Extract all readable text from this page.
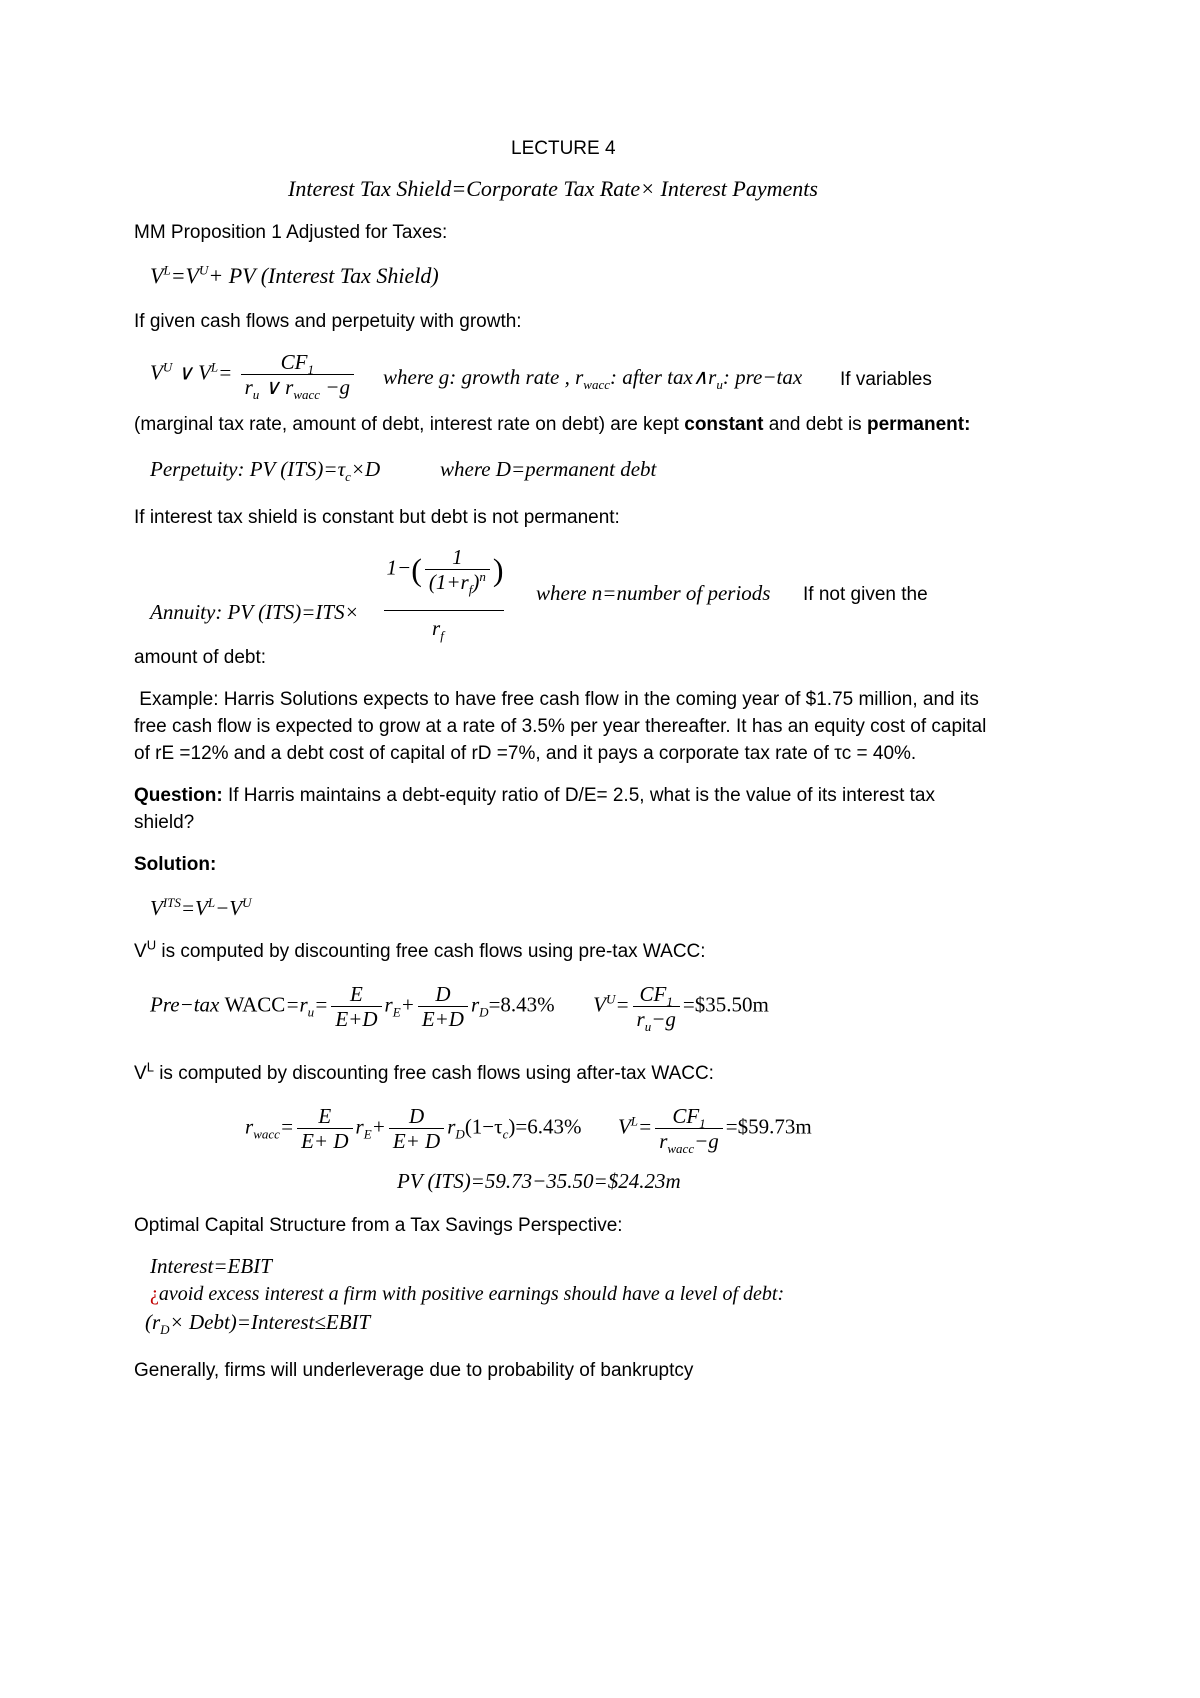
LECTURE 4
Interest Tax Shield=Corporate Tax Rate× Interest Payments
MM Proposition 1 Adjusted for Taxes:
$V^L=V^U+$ PV (Interest Tax Shield)
If given cash flows and perpetuity with growth:
$V^U$ ∨ $V^L= \frac{CF_1}{r_u \vee r_{wacc} -g}$ where g: growth rate , $r_{wacc}$: after $tax\wedge r_u$: pre−tax If variables
(marginal tax rate, amount of debt, interest rate on debt) are kept constant and debt is permanent:
Perpetuity: PV $(ITS)=\tau_c\times D$	where D=permanent debt
If interest tax shield is constant but debt is not permanent:
Annuity: PV (ITS)=ITS×
$1-( \frac{1}{(1+r_f)^n}$ )
$r_f$
where n=number of periods If not given the
amount of debt:
Example: Harris Solutions expects to have free cash flow in the coming year of $1.75 million, and its
free cash flow is expected to grow at a rate of 3.5% per year thereafter. It has an equity cost of capital
of rE =12% and a debt cost of capital of rD =7%, and it pays a corporate tax rate of τc = 40%.
Question: If Harris maintains a debt-equity ratio of D/E= 2.5, what is the value of its interest tax
shield?
Solution:
$V^{ITS}=V^L-V^U$
$V^U$ is computed by discounting free cash flows using pre-tax WACC:
Pre−tax $WACC=r_u= \frac{E}{E+D} r_E+ \frac{D}{E+D} r_D=8.43\%$ $V^U= \frac{CF_1}{r_u-g}$ =$35.50m
$V^L$ is computed by discounting free cash flows using after-tax WACC:
$r_{wacc}= \frac{E}{E+ D} r_E+ \frac{D}{E+ D} r_D(1-\tau_c)=6.43\%$ $V^L= \frac{CF_1}{r_{wacc}-g}$ =$59.73m
PV (ITS)=59.73−35.50=$24.23m
Optimal Capital Structure from a Tax Savings Perspective:
Interest=EBIT
¿avoid excess interest a firm with positive earnings should have a level of debt:
($r_D\times$ Debt)=Interest≤EBIT
Generally, firms will underleverage due to probability of bankruptcy
